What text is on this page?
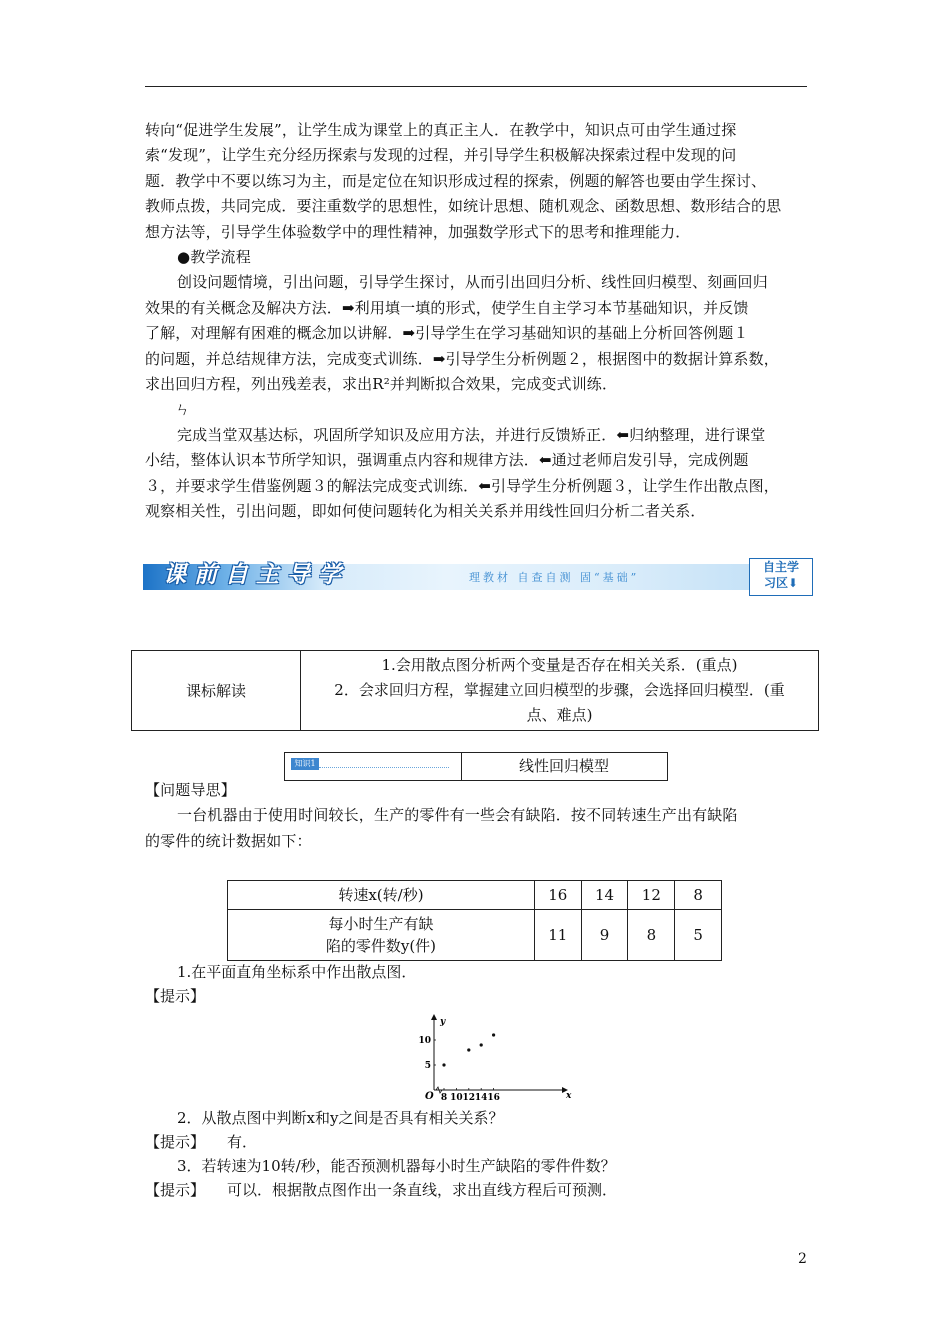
转向“促进学生发展”，让学生成为课堂上的真正主人．在教学中，知识点可由学生通过探

索“发现”，让学生充分经历探索与发现的过程，并引导学生积极解决探索过程中发现的问

题．教学中不要以练习为主，而是定位在知识形成过程的探索，例题的解答也要由学生探讨、

教师点拨，共同完成．要注重数学的思想性，如统计思想、随机观念、函数思想、数形结合的思

想方法等，引导学生体验数学中的理性精神，加强数学形式下的思考和推理能力．

●教学流程

创设问题情境，引出问题，引导学生探讨，从而引出回归分析、线性回归模型、刻画回归

效果的有关概念及解决方法．➡利用填一填的形式，使学生自主学习本节基础知识，并反馈

了解，对理解有困难的概念加以讲解．➡引导学生在学习基础知识的基础上分析回答例题１

的问题，并总结规律方法，完成变式训练．➡引导学生分析例题２，根据图中的数据计算系数，

求出回归方程，列出残差表，求出R²并判断拟合效果，完成变式训练．

ㄣ

完成当堂双基达标，巩固所学知识及应用方法，并进行反馈矫正．⬅归纳整理，进行课堂

小结，整体认识本节所学知识，强调重点内容和规律方法．⬅通过老师启发引导，完成例题

３，并要求学生借鉴例题３的解法完成变式训练．⬅引导学生分析例题３，让学生作出散点图，

观察相关性，引出问题，即如何使问题转化为相关关系并用线性回归分析二者关系．

课前自主导学	理教材 自查自测 固“基础”
自主学
习区⬇
课标解读	
1.会用散点图分析两个变量是否存在相关关系．(重点)
2．会求回归方程，掌握建立回归模型的步骤，会选择回归模型．(重
点、难点)
知识1	线性回归模型

【问题导思】

一台机器由于使用时间较长，生产的零件有一些会有缺陷．按不同转速生产出有缺陷

的零件的统计数据如下：

转速x(转/秒)	16	14	12	8

每小时生产有缺
陷的零件数y(件)	11	9	8	5
1.在平面直角坐标系中作出散点图．
【提示】
y
x
O 8 10 12 14 16
5
10
2．从散点图中判断x和y之间是否具有相关关系？
【提示】 有．
3．若转速为10转/秒，能否预测机器每小时生产缺陷的零件件数？
【提示】 可以．根据散点图作出一条直线，求出直线方程后可预测．
2
